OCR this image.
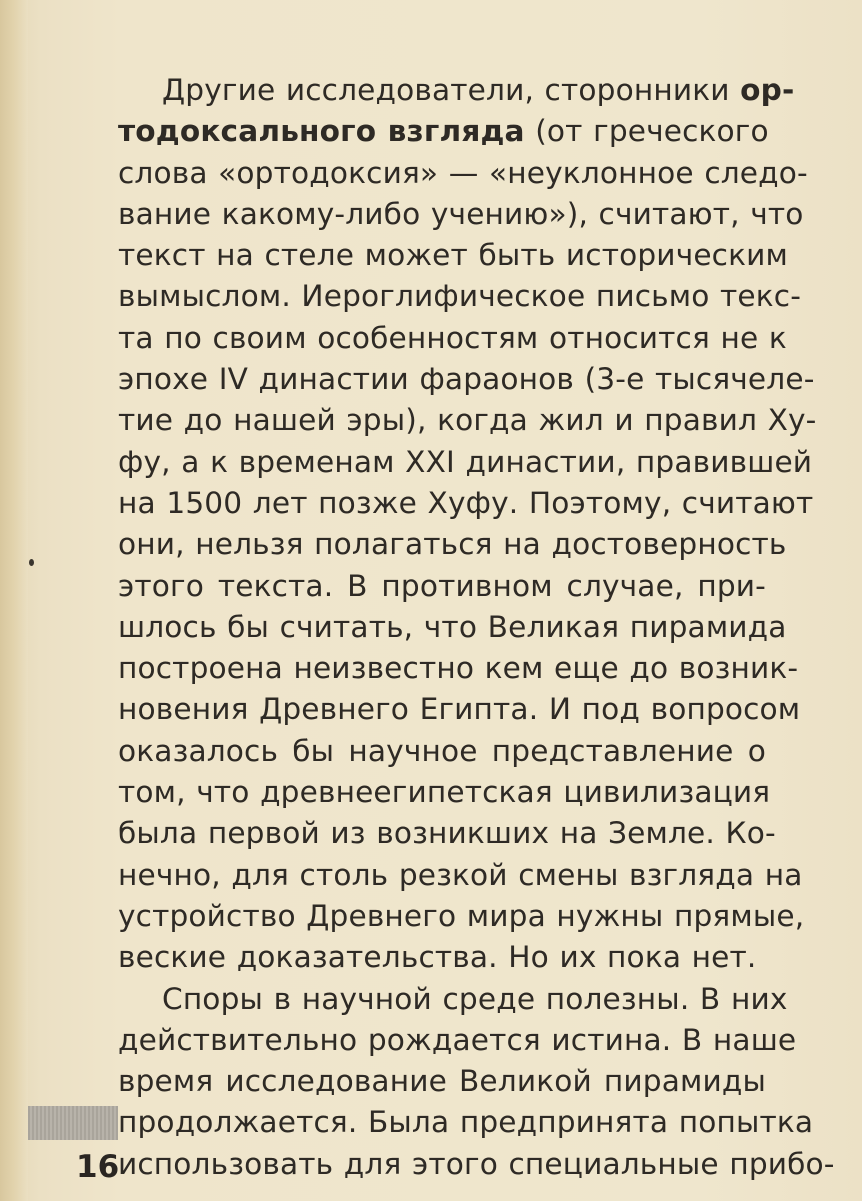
Другие исследователи, сторонники ор-
тодоксального взгляда (от греческого
слова «ортодоксия» — «неуклонное следо-
вание какому-либо учению»), считают, что
текст на стеле может быть историческим
вымыслом. Иероглифическое письмо текс-
та по своим особенностям относится не к
эпохе IV династии фараонов (3-е тысячеле-
тие до нашей эры), когда жил и правил Ху-
фу, а к временам XXI династии, правившей
на 1500 лет позже Хуфу. Поэтому, считают
они, нельзя полагаться на достоверность
этого текста. В противном случае, при-
шлось бы считать, что Великая пирамида
построена неизвестно кем еще до возник-
новения Древнего Египта. И под вопросом
оказалось бы научное представление о
том, что древнеегипетская цивилизация
была первой из возникших на Земле. Ко-
нечно, для столь резкой смены взгляда на
устройство Древнего мира нужны прямые,
веские доказательства. Но их пока нет.
Споры в научной среде полезны. В них
действительно рождается истина. В наше
время исследование Великой пирамиды
продолжается. Была предпринята попытка
использовать для этого специальные прибо-
16
